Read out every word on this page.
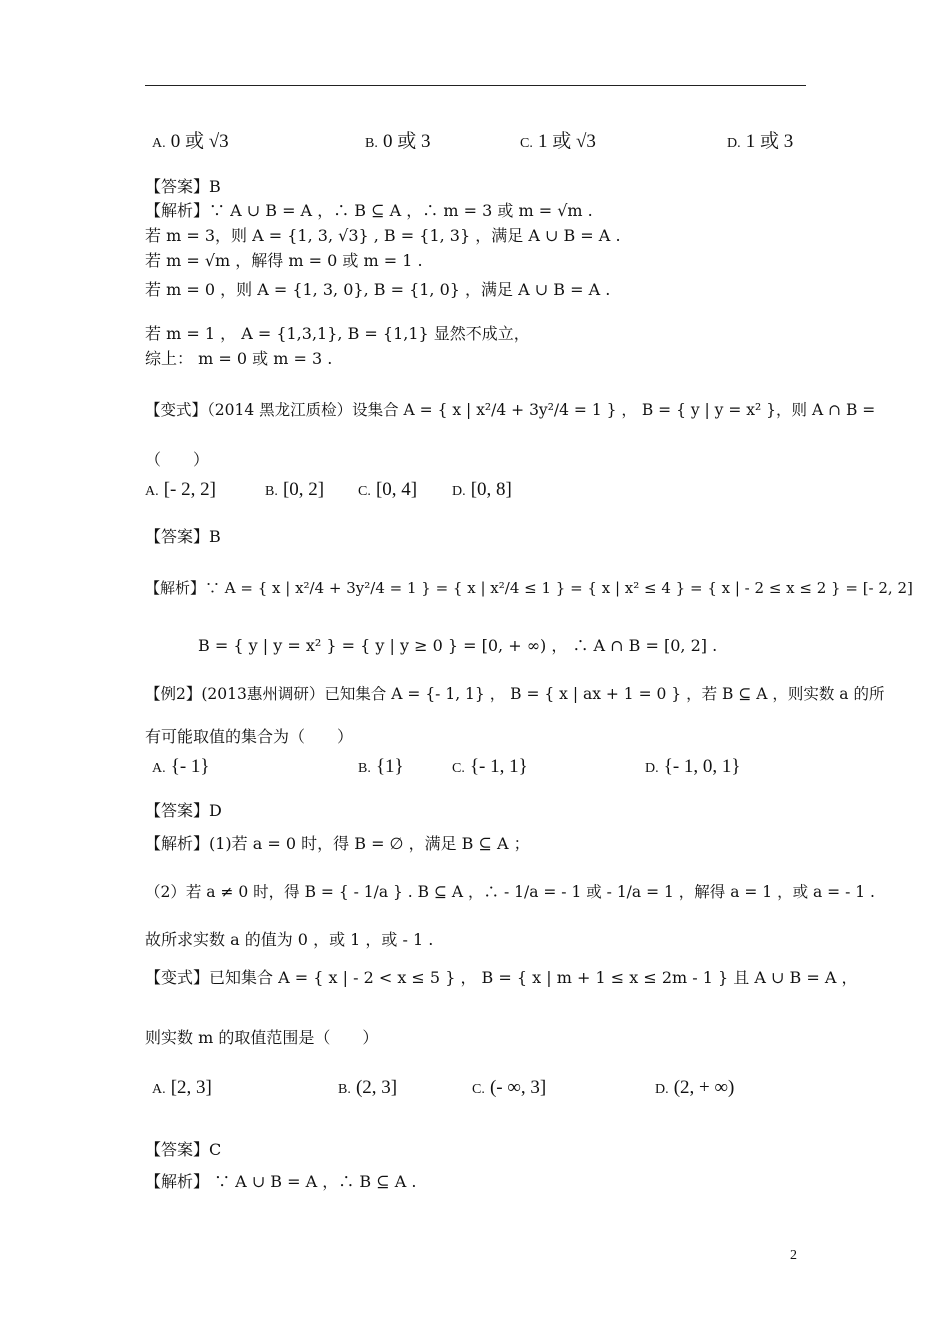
A. 0 或 √3	B. 0 或 3	C. 1 或 √3	D. 1 或 3
【答案】B
【解析】∵ A ∪ B = A ，∴ B ⊆ A ，∴ m = 3 或 m = √m .
若 m = 3，则 A = {1, 3, √3} , B = {1, 3} ，满足 A ∪ B = A .
若 m = √m ，解得 m = 0 或 m = 1 .
若 m = 0 ，则 A = {1, 3, 0}, B = {1, 0} ，满足 A ∪ B = A .
若 m = 1 ， A = {1,3,1}, B = {1,1} 显然不成立，
综上： m = 0 或 m = 3 .
【变式】（2014 黑龙江质检）设集合 A = { x | x²/4 + 3y²/4 = 1 } ， B = { y | y = x² }，则 A ∩ B =
（　　）
A. [- 2, 2]	B. [0, 2] C. [0, 4] D. [0, 8]
【答案】B
【解析】∵ A = { x | x²/4 + 3y²/4 = 1 } = { x | x²/4 ≤ 1 } = { x | x² ≤ 4 } = { x | - 2 ≤ x ≤ 2 } = [- 2, 2]
B = { y | y = x² } = { y | y ≥ 0 } = [0, + ∞) ， ∴ A ∩ B = [0, 2] .
【例2】(2013惠州调研）已知集合 A = {- 1, 1} ， B = { x | ax + 1 = 0 } ，若 B ⊆ A ，则实数 a 的所
有可能取值的集合为（　　）
A. {- 1}	B. {1}	C. {- 1, 1}	D. {- 1, 0, 1}
【答案】D
【解析】(1)若 a = 0 时，得 B = ∅ ，满足 B ⊆ A ；
（2）若 a ≠ 0 时，得 B = { - 1/a } . B ⊆ A ，∴ - 1/a = - 1 或 - 1/a = 1 ，解得 a = 1 ，或 a = - 1 .
故所求实数 a 的值为 0 ，或 1 ，或 - 1 .
【变式】已知集合 A = { x | - 2 < x ≤ 5 } ， B = { x | m + 1 ≤ x ≤ 2m - 1 } 且 A ∪ B = A ，
则实数 m 的取值范围是（　　）
A. [2, 3]	B. (2, 3]	C. (- ∞, 3]	D. (2, + ∞)
【答案】C
【解析】 ∵ A ∪ B = A ，∴ B ⊆ A .
2
